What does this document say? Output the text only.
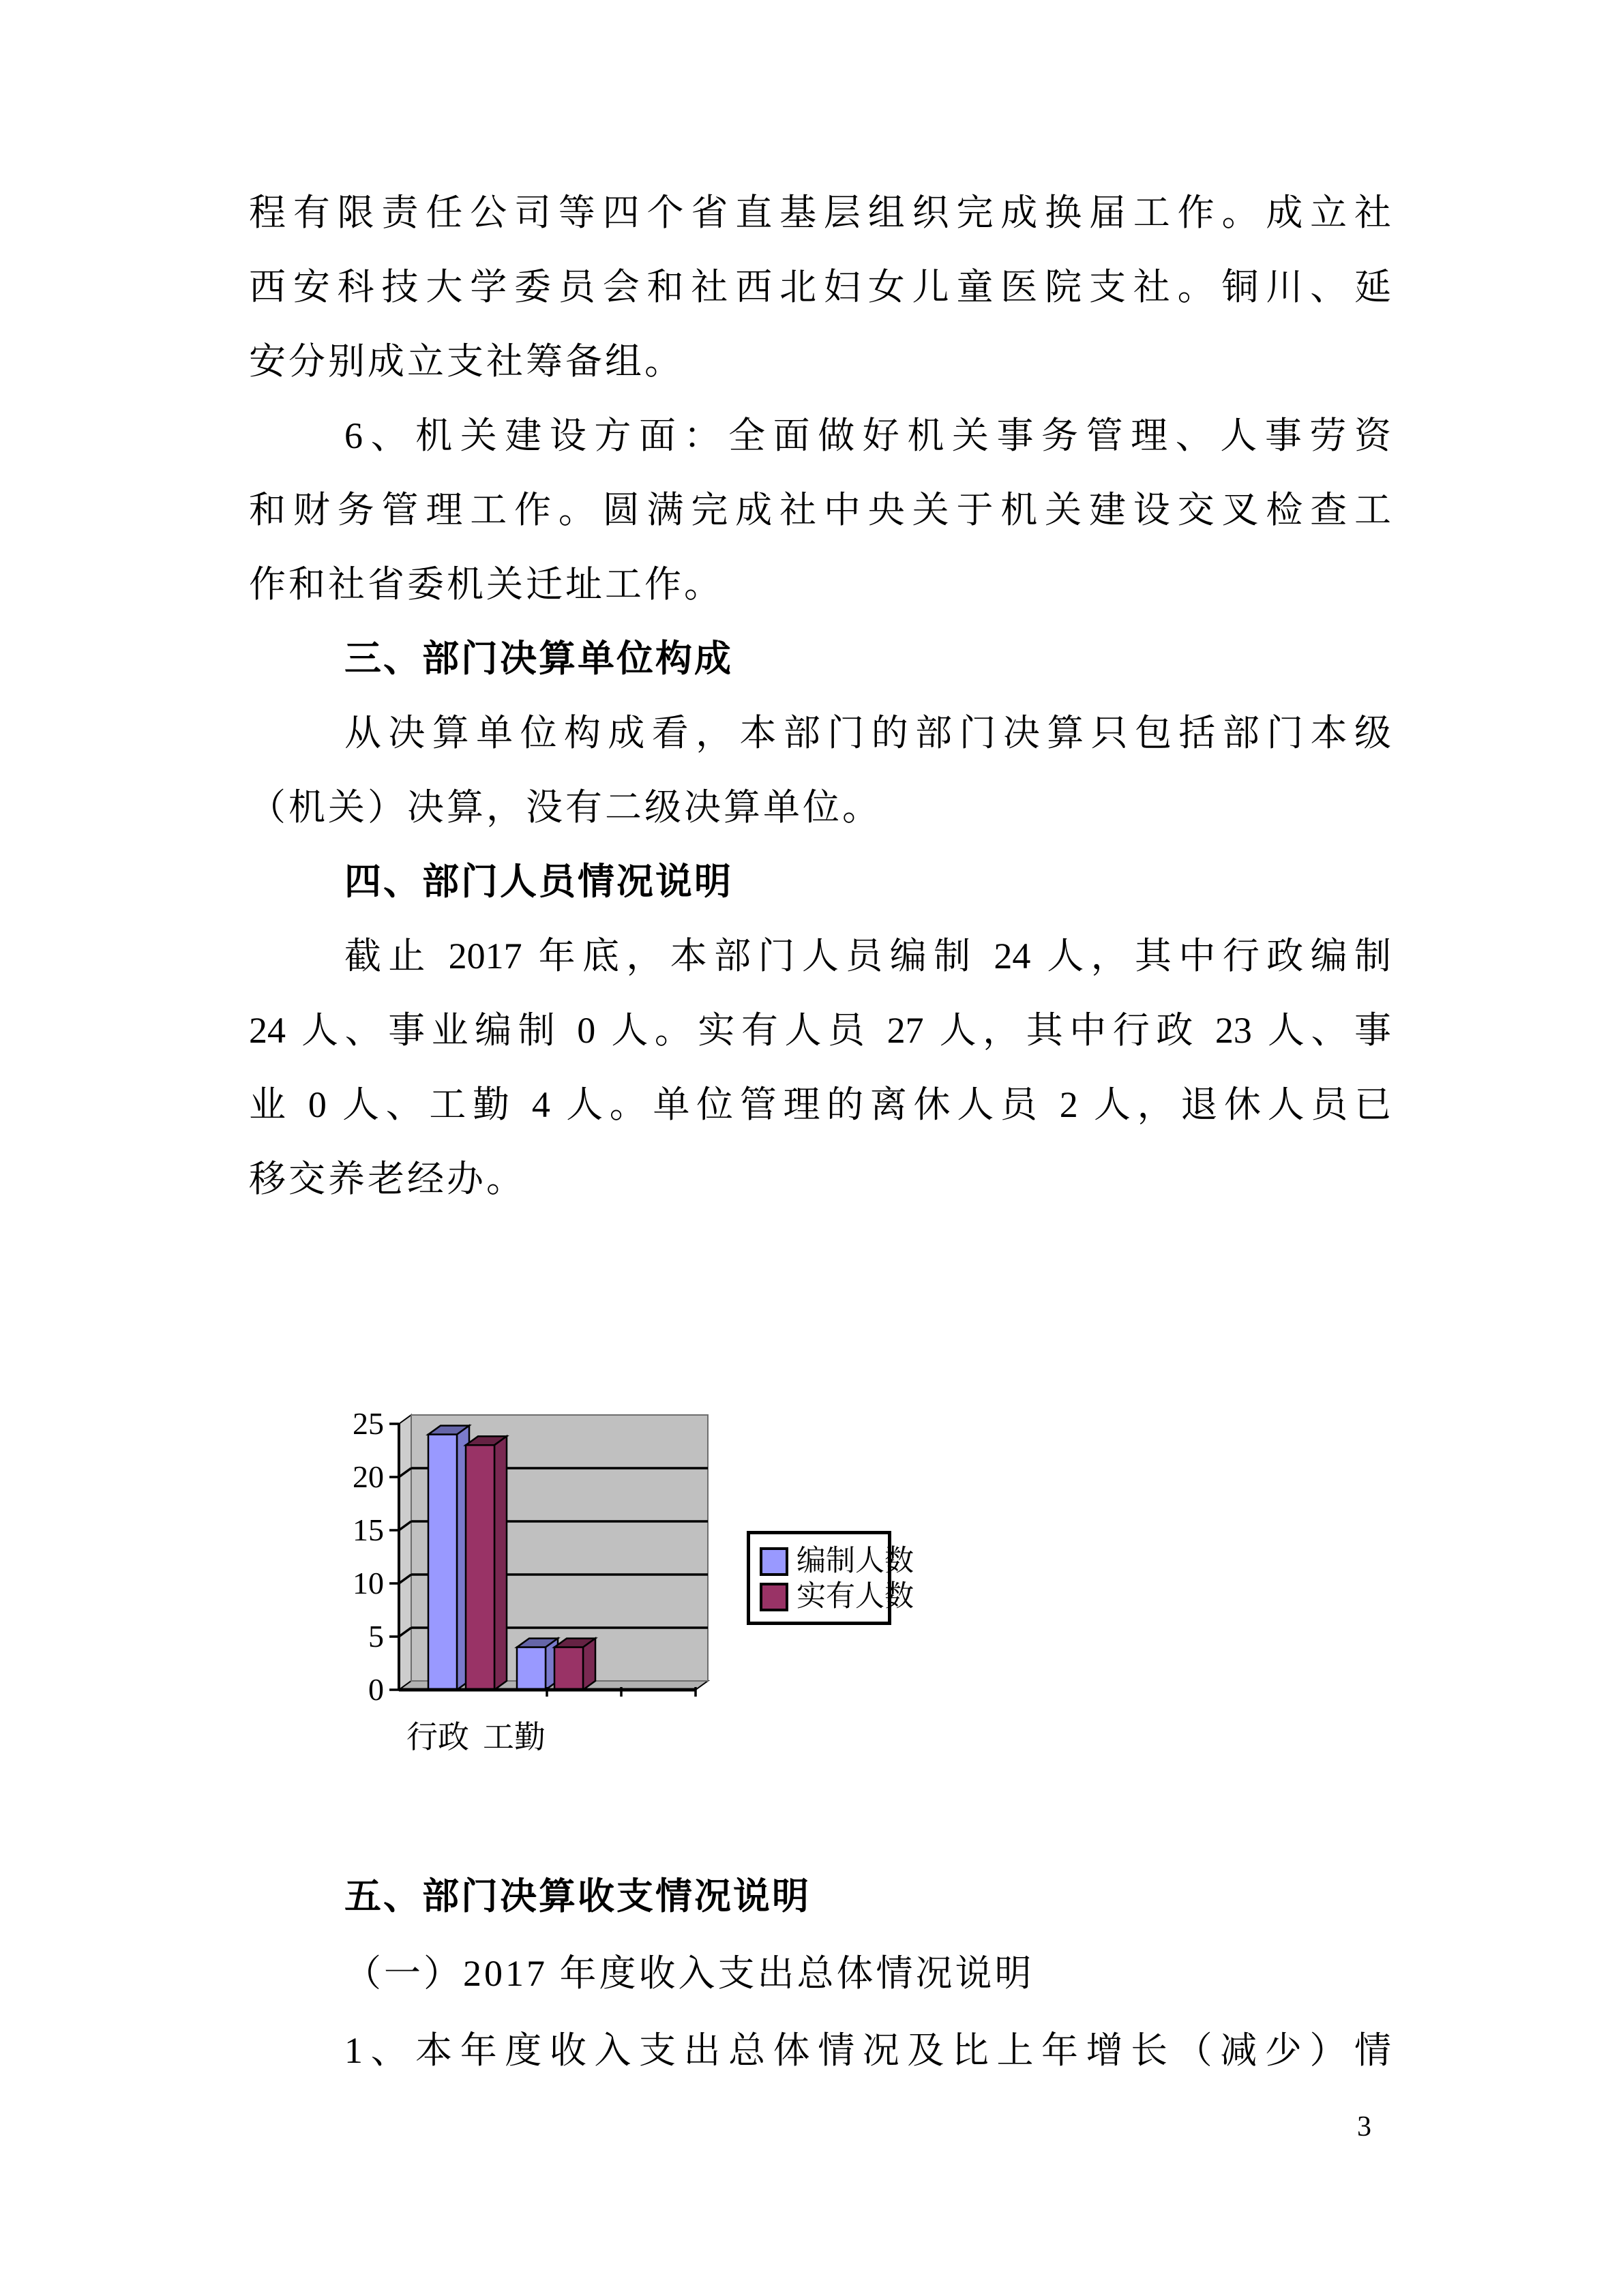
程有限责任公司等四个省直基层组织完成换届工作。成立社
西安科技大学委员会和社西北妇女儿童医院支社。铜川、延
安分别成立支社筹备组。
6、机关建设方面：全面做好机关事务管理、人事劳资
和财务管理工作。圆满完成社中央关于机关建设交叉检查工
作和社省委机关迁址工作。
三、部门决算单位构成
从决算单位构成看，本部门的部门决算只包括部门本级
（机关）决算，没有二级决算单位。
四、部门人员情况说明
截止 2017 年底，本部门人员编制 24 人，其中行政编制
24 人、事业编制 0 人。实有人员 27 人，其中行政 23 人、事
业 0 人、工勤 4 人。单位管理的离休人员 2 人，退休人员已
移交养老经办。
0
5
10
15
20
25
行政 工勤
编制人数
实有人数
五、部门决算收支情况说明
（一）2017 年度收入支出总体情况说明
1、本年度收入支出总体情况及比上年增长（减少）情
3
